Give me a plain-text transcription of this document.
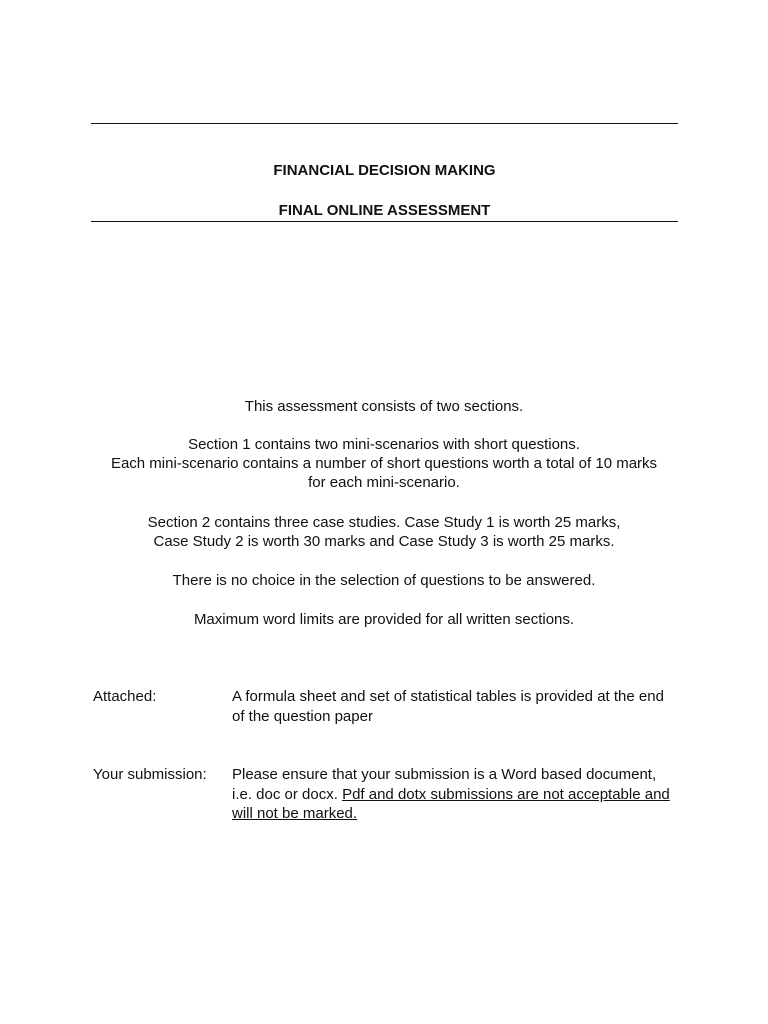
FINANCIAL DECISION MAKING
FINAL ONLINE ASSESSMENT
This assessment consists of two sections.
Section 1 contains two mini-scenarios with short questions.
Each mini-scenario contains a number of short questions worth a total of 10 marks
for each mini-scenario.
Section 2 contains three case studies. Case Study 1 is worth 25 marks,
Case Study 2 is worth 30 marks and Case Study 3 is worth 25 marks.
There is no choice in the selection of questions to be answered.
Maximum word limits are provided for all written sections.
Attached:	A formula sheet and set of statistical tables is provided at the end
of the question paper
Your submission: Please ensure that your submission is a Word based document,
i.e. doc or docx. Pdf and dotx submissions are not acceptable and
will not be marked.
